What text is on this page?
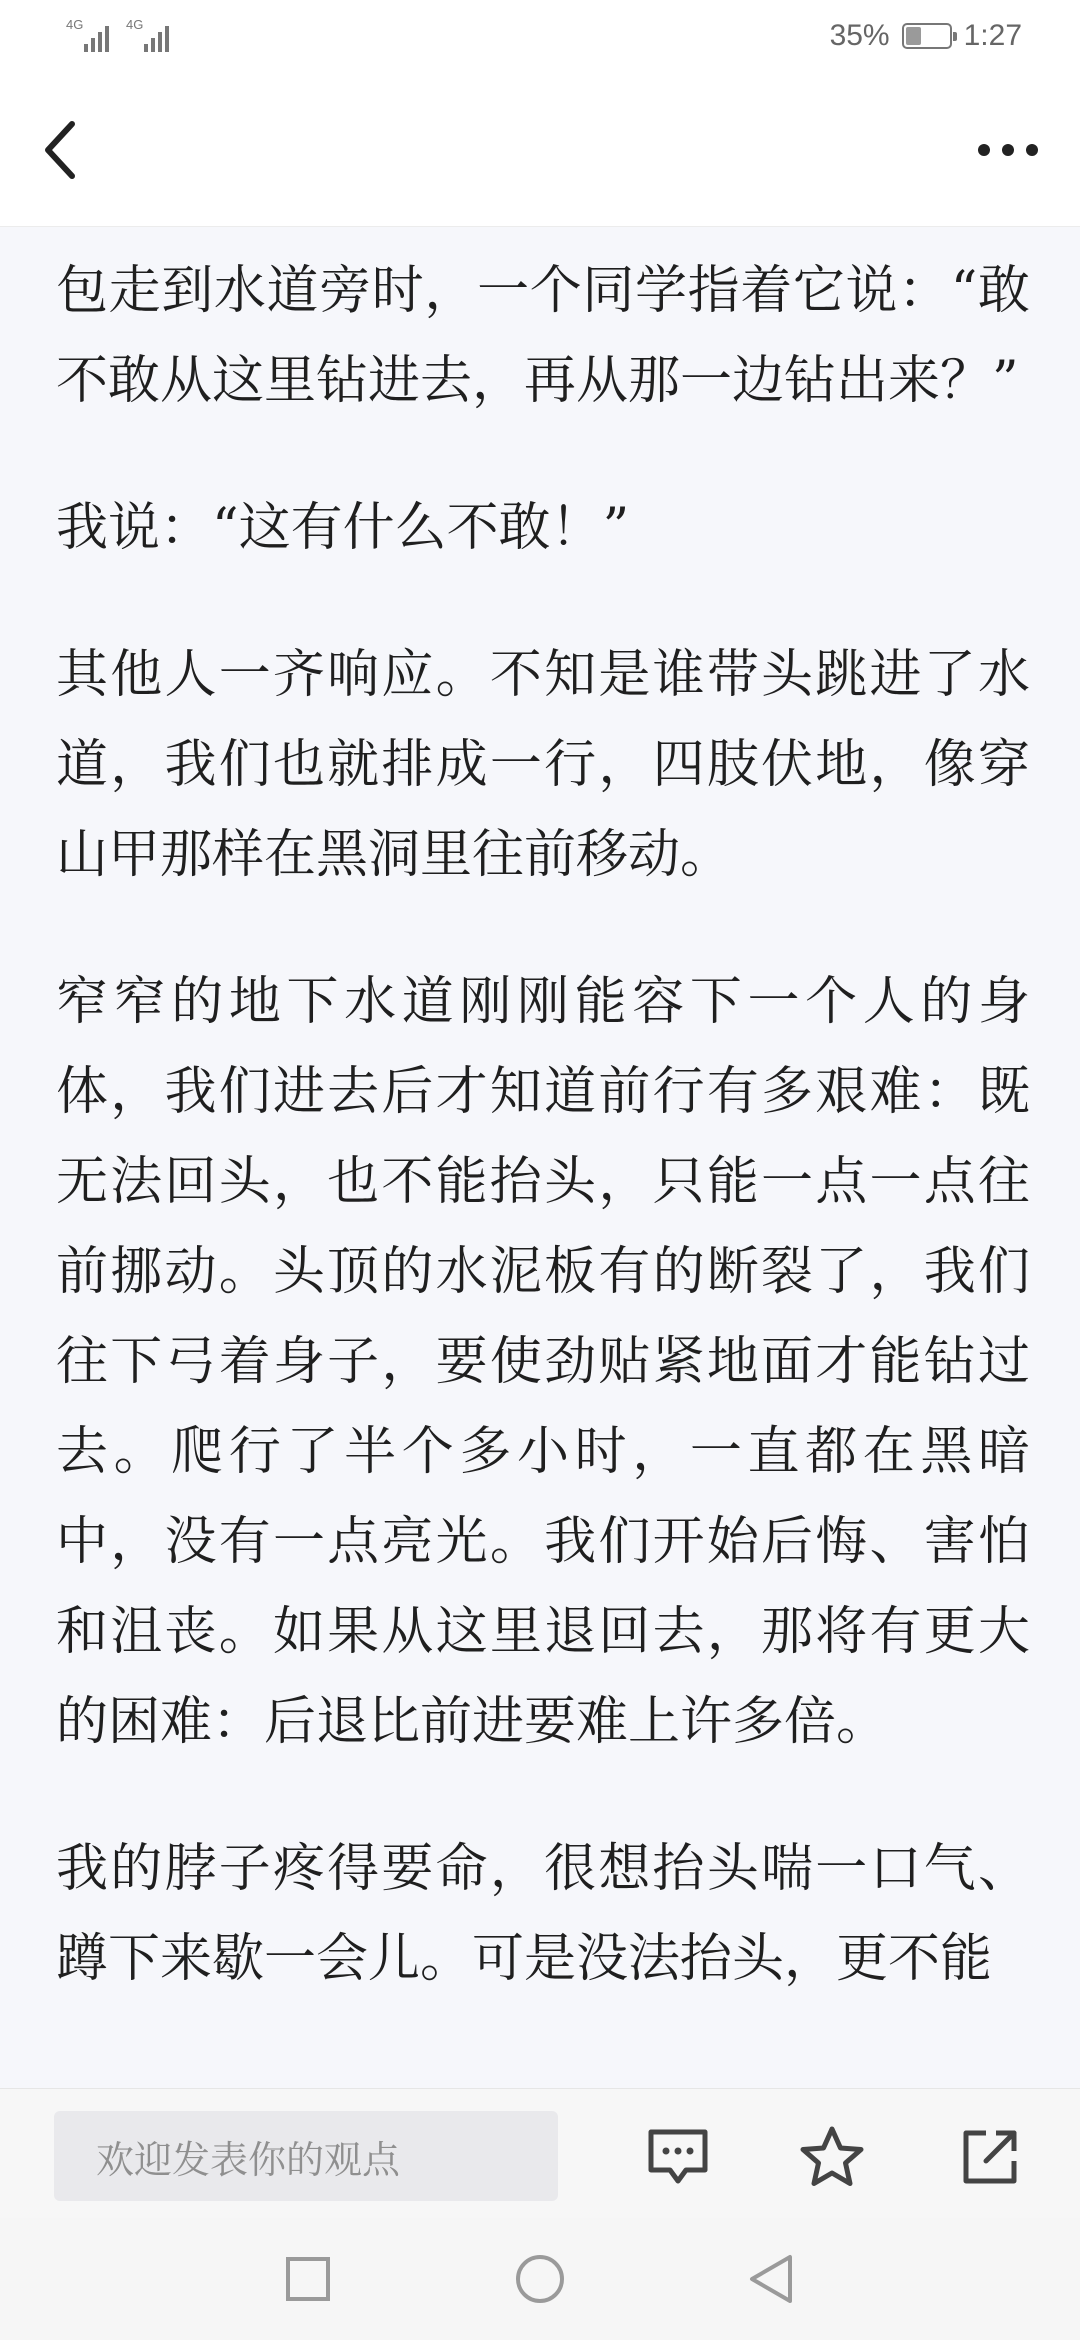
4G	4G	35% 1:27

包走到水道旁时，一个同学指着它说：“敢不敢从这里钻进去，再从那一边钻出来？”

我说：“这有什么不敢！”

其他人一齐响应。不知是谁带头跳进了水道，我们也就排成一行，四肢伏地，像穿山甲那样在黑洞里往前移动。

窄窄的地下水道刚刚能容下一个人的身体，我们进去后才知道前行有多艰难：既无法回头，也不能抬头，只能一点一点往前挪动。头顶的水泥板有的断裂了，我们往下弓着身子，要使劲贴紧地面才能钻过去。爬行了半个多小时，一直都在黑暗中，没有一点亮光。我们开始后悔、害怕和沮丧。如果从这里退回去，那将有更大的困难：后退比前进要难上许多倍。

我的脖子疼得要命，很想抬头喘一口气、蹲下来歇一会儿。可是没法抬头，更不能

欢迎发表你的观点
